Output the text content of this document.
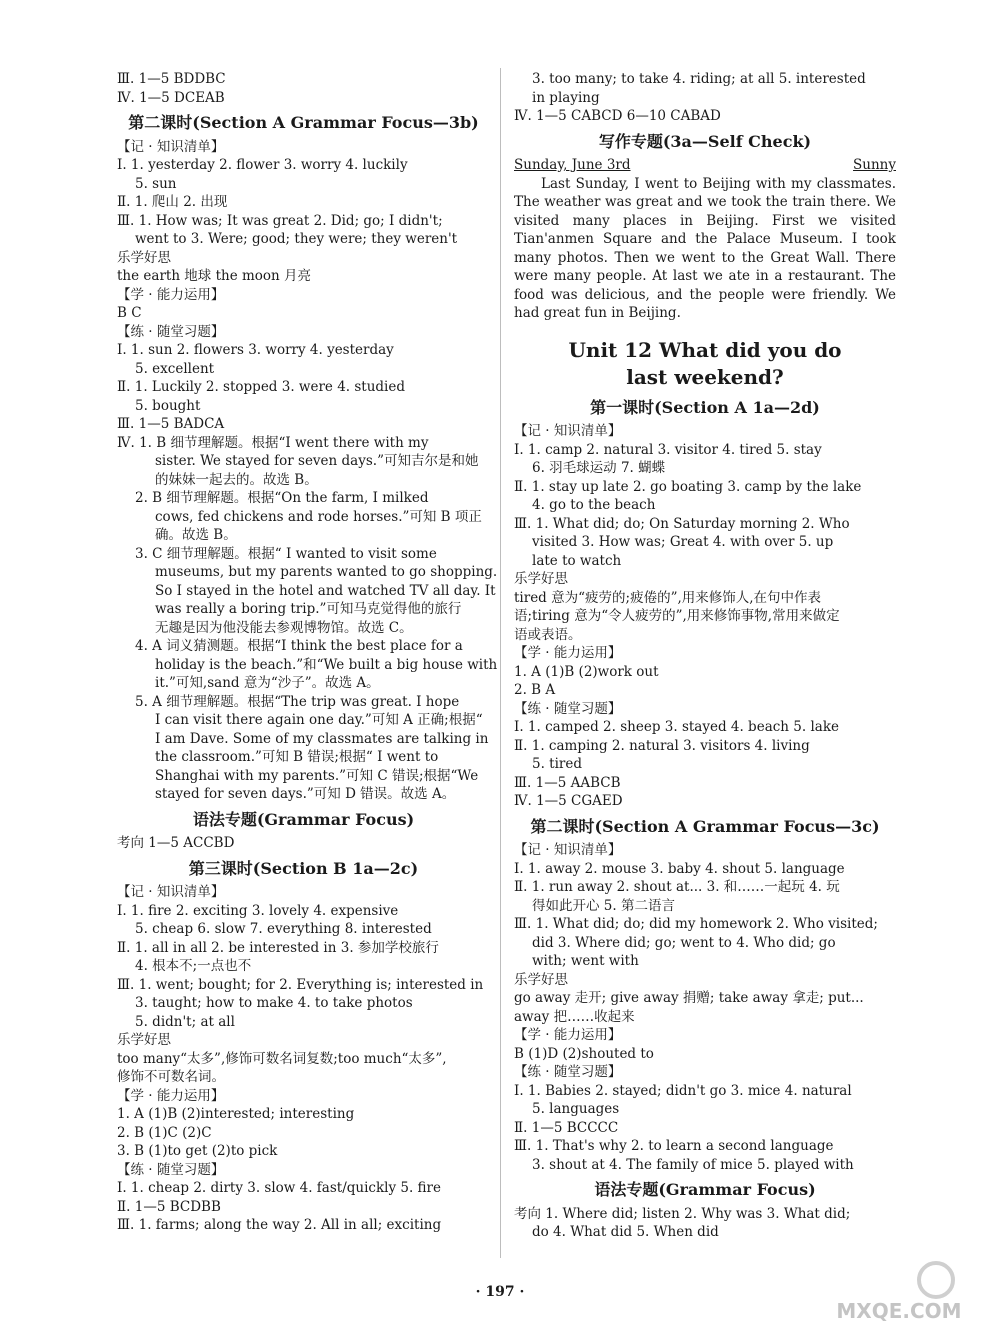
Ⅲ. 1—5 BDDBC
Ⅳ. 1—5 DCEAB
第二课时(Section A Grammar Focus—3b)
【记 · 知识清单】
Ⅰ. 1. yesterday 2. flower 3. worry 4. luckily
5. sun
Ⅱ. 1. 爬山 2. 出现
Ⅲ. 1. How was; It was great 2. Did; go; I didn't;
went to 3. Were; good; they were; they weren't
乐学好思
the earth 地球 the moon 月亮
【学 · 能力运用】
B C
【练 · 随堂习题】
Ⅰ. 1. sun 2. flowers 3. worry 4. yesterday
5. excellent
Ⅱ. 1. Luckily 2. stopped 3. were 4. studied
5. bought
Ⅲ. 1—5 BADCA
Ⅳ. 1. B 细节理解题。根据“I went there with my
sister. We stayed for seven days.”可知吉尔是和她
的妹妹一起去的。故选 B。
2. B 细节理解题。根据“On the farm, I milked
cows, fed chickens and rode horses.”可知 B 项正
确。故选 B。
3. C 细节理解题。根据“ I wanted to visit some
museums, but my parents wanted to go shopping.
So I stayed in the hotel and watched TV all day. It
was really a boring trip.”可知马克觉得他的旅行
无趣是因为他没能去参观博物馆。故选 C。
4. A 词义猜测题。根据“I think the best place for a
holiday is the beach.”和“We built a big house with
it.”可知,sand 意为“沙子”。故选 A。
5. A 细节理解题。根据“The trip was great. I hope
I can visit there again one day.”可知 A 正确;根据“
I am Dave. Some of my classmates are talking in
the classroom.”可知 B 错误;根据“ I went to
Shanghai with my parents.”可知 C 错误;根据“We
stayed for seven days.”可知 D 错误。故选 A。
语法专题(Grammar Focus)
考向 1—5 ACCBD
第三课时(Section B 1a—2c)
【记 · 知识清单】
Ⅰ. 1. fire 2. exciting 3. lovely 4. expensive
5. cheap 6. slow 7. everything 8. interested
Ⅱ. 1. all in all 2. be interested in 3. 参加学校旅行
4. 根本不;一点也不
Ⅲ. 1. went; bought; for 2. Everything is; interested in
3. taught; how to make 4. to take photos
5. didn't; at all
乐学好思
too many“太多”,修饰可数名词复数;too much“太多”,
修饰不可数名词。
【学 · 能力运用】
1. A (1)B (2)interested; interesting
2. B (1)C (2)C
3. B (1)to get (2)to pick
【练 · 随堂习题】
Ⅰ. 1. cheap 2. dirty 3. slow 4. fast/quickly 5. fire
Ⅱ. 1—5 BCDBB
Ⅲ. 1. farms; along the way 2. All in all; exciting
3. too many; to take 4. riding; at all 5. interested
in playing
Ⅳ. 1—5 CABCD 6—10 CABAD
写作专题(3a—Self Check)
Sunday, June 3rd	Sunny
Last Sunday, I went to Beijing with my classmates. The weather was great and we took the train there. We visited many places in Beijing. First we visited Tian'anmen Square and the Palace Museum. I took many photos. Then we went to the Great Wall. There were many people. At last we ate in a restaurant. The food was delicious, and the people were friendly. We had great fun in Beijing.
Unit 12 What did you do
last weekend?
第一课时(Section A 1a—2d)
【记 · 知识清单】
Ⅰ. 1. camp 2. natural 3. visitor 4. tired 5. stay
6. 羽毛球运动 7. 蝴蝶
Ⅱ. 1. stay up late 2. go boating 3. camp by the lake
4. go to the beach
Ⅲ. 1. What did; do; On Saturday morning 2. Who
visited 3. How was; Great 4. with over 5. up
late to watch
乐学好思
tired 意为“疲劳的;疲倦的”,用来修饰人,在句中作表
语;tiring 意为“令人疲劳的”,用来修饰事物,常用来做定
语或表语。
【学 · 能力运用】
1. A (1)B (2)work out
2. B A
【练 · 随堂习题】
Ⅰ. 1. camped 2. sheep 3. stayed 4. beach 5. lake
Ⅱ. 1. camping 2. natural 3. visitors 4. living
5. tired
Ⅲ. 1—5 AABCB
Ⅳ. 1—5 CGAED
第二课时(Section A Grammar Focus—3c)
【记 · 知识清单】
Ⅰ. 1. away 2. mouse 3. baby 4. shout 5. language
Ⅱ. 1. run away 2. shout at... 3. 和……一起玩 4. 玩
得如此开心 5. 第二语言
Ⅲ. 1. What did; do; did my homework 2. Who visited;
did 3. Where did; go; went to 4. Who did; go
with; went with
乐学好思
go away 走开; give away 捐赠; take away 拿走; put...
away 把……收起来
【学 · 能力运用】
B (1)D (2)shouted to
【练 · 随堂习题】
Ⅰ. 1. Babies 2. stayed; didn't go 3. mice 4. natural
5. languages
Ⅱ. 1—5 BCCCC
Ⅲ. 1. That's why 2. to learn a second language
3. shout at 4. The family of mice 5. played with
语法专题(Grammar Focus)
考向 1. Where did; listen 2. Why was 3. What did;
do 4. What did 5. When did
· 197 ·
MXQE.COM
